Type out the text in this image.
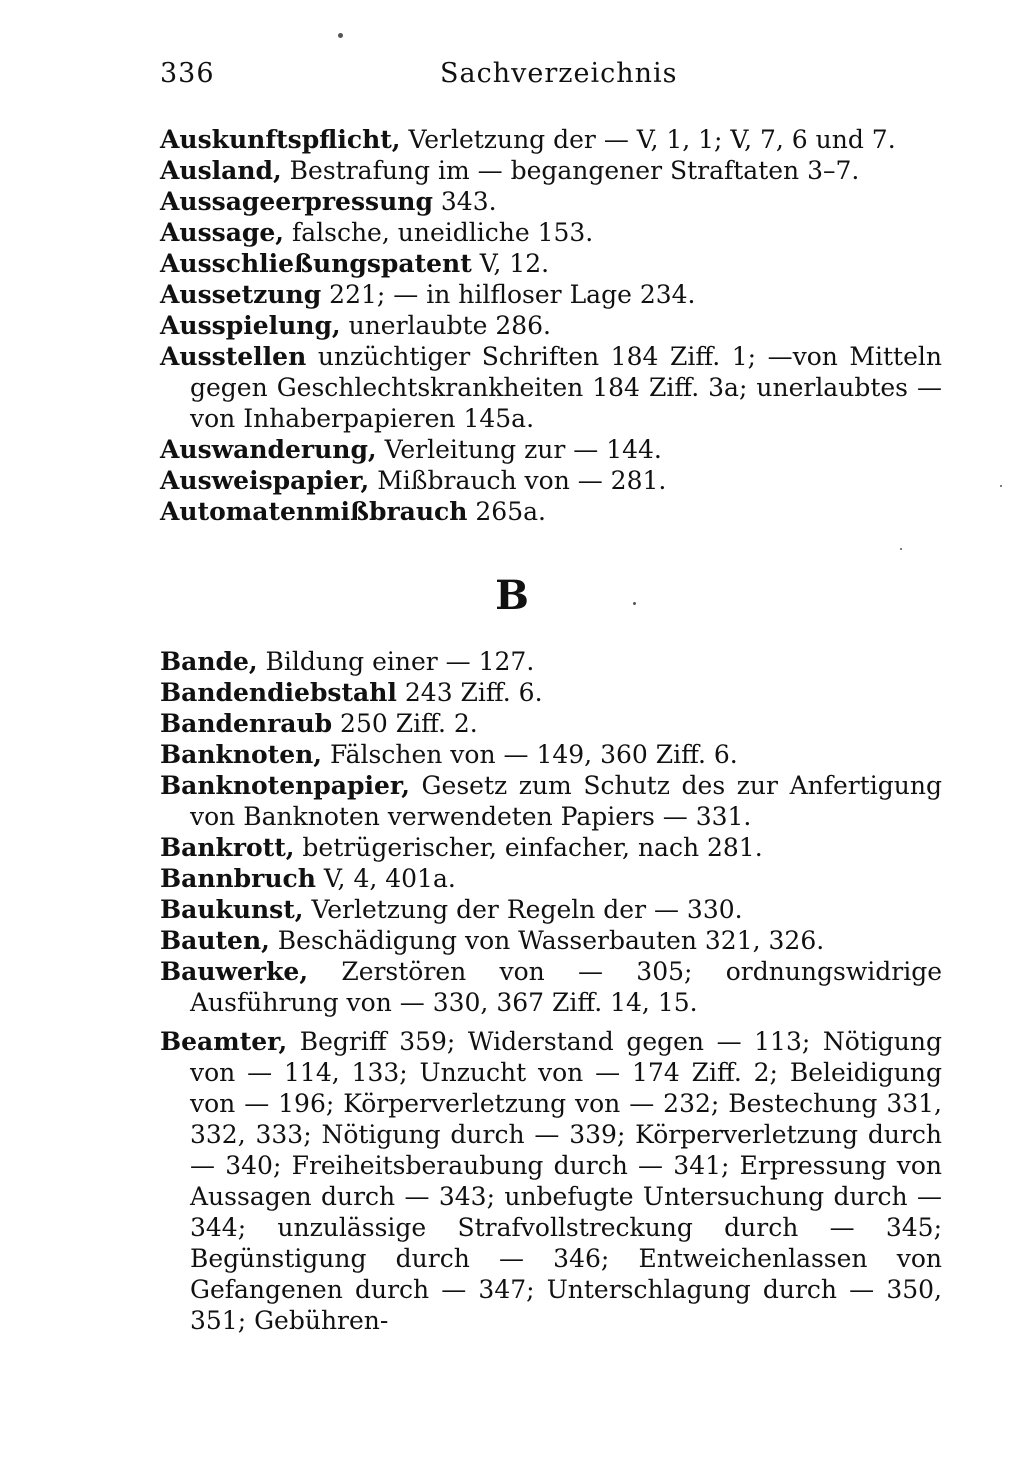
336	Sachverzeichnis

Auskunftspflicht, Verletzung der — V, 1, 1; V, 7, 6 und 7.

Ausland, Bestrafung im — begangener Straftaten 3–7.

Aussageerpressung 343.

Aussage, falsche, uneidliche 153.

Ausschließungspatent V, 12.

Aussetzung 221; — in hilfloser Lage 234.

Ausspielung, unerlaubte 286.

Ausstellen unzüchtiger Schriften 184 Ziff. 1; —von Mitteln gegen Geschlechtskrankheiten 184 Ziff. 3a; unerlaubtes — von Inhaberpapieren 145a.

Auswanderung, Verleitung zur — 144.

Ausweispapier, Mißbrauch von — 281.

Automatenmißbrauch 265a.

B

Bande, Bildung einer — 127.

Bandendiebstahl 243 Ziff. 6.

Bandenraub 250 Ziff. 2.

Banknoten, Fälschen von — 149, 360 Ziff. 6.

Banknotenpapier, Gesetz zum Schutz des zur Anfertigung von Banknoten verwendeten Papiers — 331.

Bankrott, betrügerischer, einfacher, nach 281.

Bannbruch V, 4, 401a.

Baukunst, Verletzung der Regeln der — 330.

Bauten, Beschädigung von Wasserbauten 321, 326.

Bauwerke, Zerstören von — 305; ordnungswidrige Ausführung von — 330, 367 Ziff. 14, 15.

Beamter, Begriff 359; Widerstand gegen — 113; Nötigung von — 114, 133; Unzucht von — 174 Ziff. 2; Beleidigung von — 196; Körperverletzung von — 232; Bestechung 331, 332, 333; Nötigung durch — 339; Körperverletzung durch — 340; Freiheitsberaubung durch — 341; Erpressung von Aussagen durch — 343; unbefugte Untersuchung durch — 344; unzulässige Strafvollstreckung durch — 345; Begünstigung durch — 346; Entweichenlassen von Gefangenen durch — 347; Unterschlagung durch — 350, 351; Gebühren-
